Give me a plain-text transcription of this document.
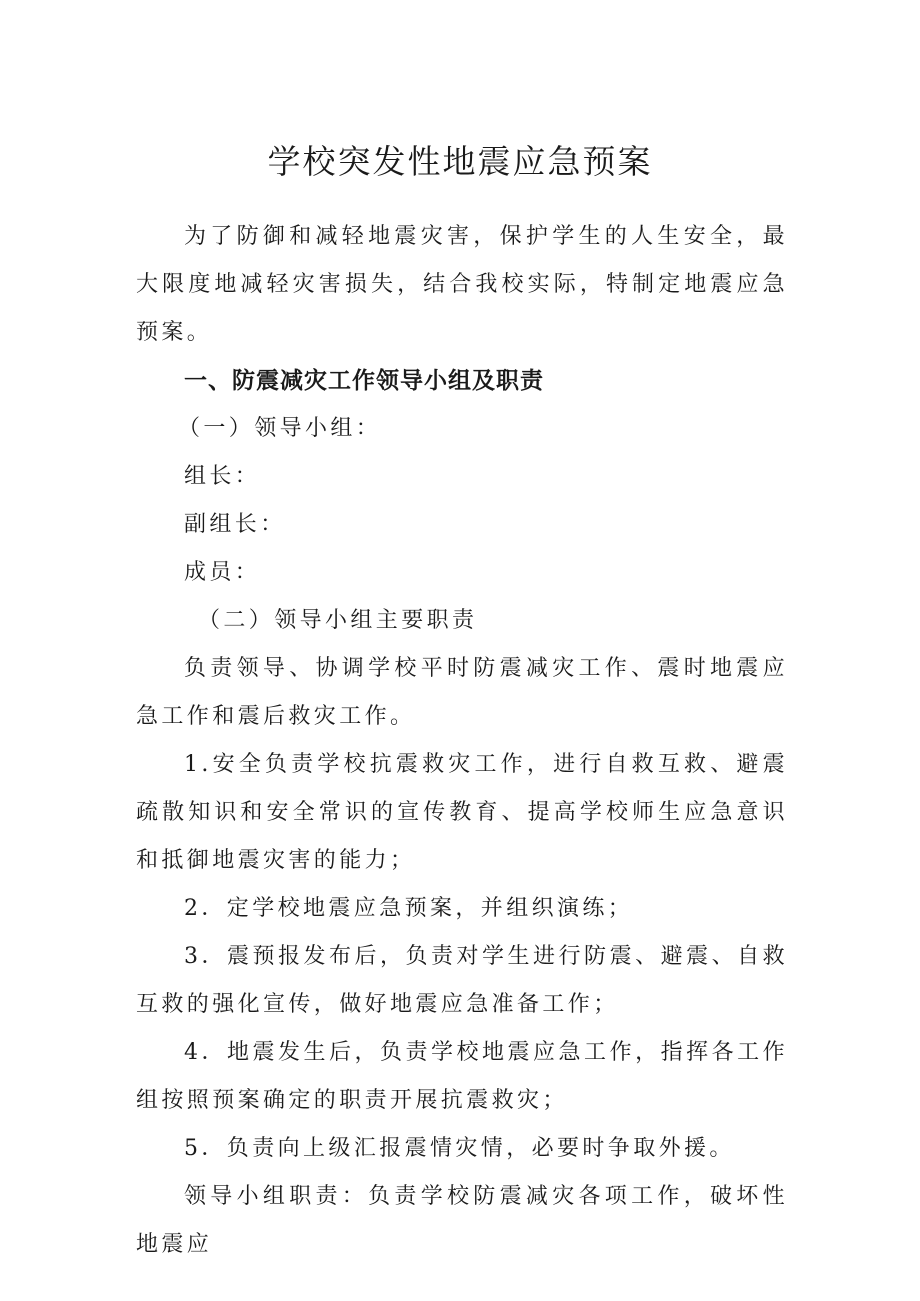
学校突发性地震应急预案

为了防御和减轻地震灾害，保护学生的人生安全，最大限度地减轻灾害损失，结合我校实际，特制定地震应急预案。

一、防震减灾工作领导小组及职责

（一）领导小组：

组长：

副组长：

成员：

（二）领导小组主要职责

负责领导、协调学校平时防震减灾工作、震时地震应急工作和震后救灾工作。

1.安全负责学校抗震救灾工作，进行自救互救、避震疏散知识和安全常识的宣传教育、提高学校师生应急意识和抵御地震灾害的能力；

2．定学校地震应急预案，并组织演练；

3．震预报发布后，负责对学生进行防震、避震、自救互救的强化宣传，做好地震应急准备工作；

4．地震发生后，负责学校地震应急工作，指挥各工作组按照预案确定的职责开展抗震救灾；

5．负责向上级汇报震情灾情，必要时争取外援。

领导小组职责：负责学校防震减灾各项工作，破坏性地震应
